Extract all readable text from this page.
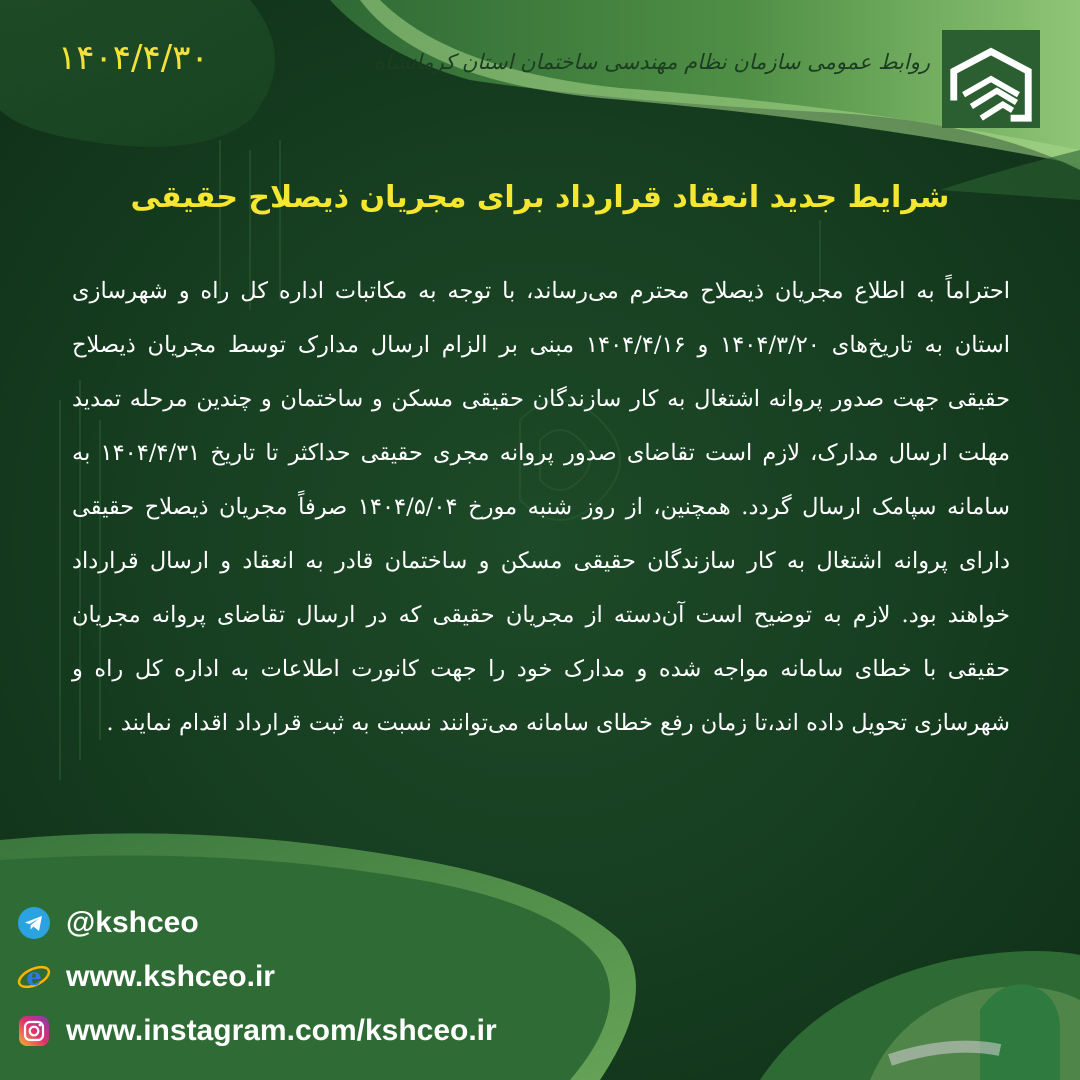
۱۴۰۴/۴/۳۰	روابط عمومی سازمان نظام مهندسی ساختمان استان کرمانشاه
شرایط جدید انعقاد قرارداد برای مجریان ذیصلاح حقیقی
احتراماً به اطلاع مجریان ذیصلاح محترم می‌رساند، با توجه به مکاتبات اداره کل راه و شهرسازی استان به تاریخ‌های ۱۴۰۴/۳/۲۰ و ۱۴۰۴/۴/۱۶ مبنی بر الزام ارسال مدارک توسط مجریان ذیصلاح حقیقی جهت صدور پروانه اشتغال به کار سازندگان حقیقی مسکن و ساختمان و چندین مرحله تمدید مهلت ارسال مدارک، لازم است تقاضای صدور پروانه مجری حقیقی حداکثر تا تاریخ ۱۴۰۴/۴/۳۱ به سامانه سپامک ارسال گردد. همچنین، از روز شنبه مورخ ۱۴۰۴/۵/۰۴ صرفاً مجریان ذیصلاح حقیقی دارای پروانه اشتغال به کار سازندگان حقیقی مسکن و ساختمان قادر به انعقاد و ارسال قرارداد خواهند بود. لازم به توضیح است آن‌دسته از مجریان حقیقی که در ارسال تقاضای پروانه مجریان حقیقی با خطای سامانه مواجه شده و مدارک خود را جهت کانورت اطلاعات به اداره کل راه و شهرسازی تحویل داده اند،تا زمان رفع خطای سامانه می‌توانند نسبت به ثبت قرارداد اقدام نمایند .
@kshceo
e www.kshceo.ir
www.instagram.com/kshceo.ir
